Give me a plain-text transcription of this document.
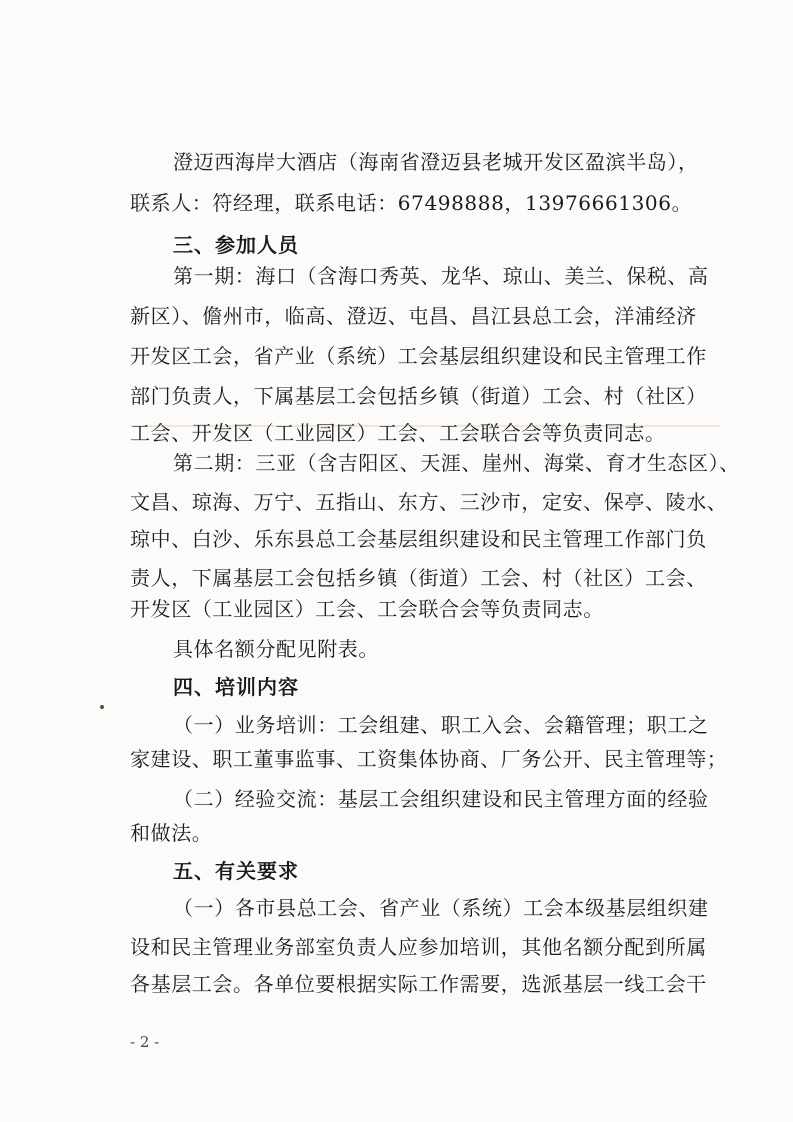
澄迈西海岸大酒店（海南省澄迈县老城开发区盈滨半岛），
联系人：符经理，联系电话：67498888，13976661306。
三、参加人员
第一期：海口（含海口秀英、龙华、琼山、美兰、保税、高
新区）、儋州市，临高、澄迈、屯昌、昌江县总工会，洋浦经济
开发区工会，省产业（系统）工会基层组织建设和民主管理工作
部门负责人，下属基层工会包括乡镇（街道）工会、村（社区）
工会、开发区（工业园区）工会、工会联合会等负责同志。
第二期：三亚（含吉阳区、天涯、崖州、海棠、育才生态区）、
文昌、琼海、万宁、五指山、东方、三沙市，定安、保亭、陵水、
琼中、白沙、乐东县总工会基层组织建设和民主管理工作部门负
责人，下属基层工会包括乡镇（街道）工会、村（社区）工会、
开发区（工业园区）工会、工会联合会等负责同志。
具体名额分配见附表。
四、培训内容
（一）业务培训：工会组建、职工入会、会籍管理；职工之
家建设、职工董事监事、工资集体协商、厂务公开、民主管理等；
（二）经验交流：基层工会组织建设和民主管理方面的经验
和做法。
五、有关要求
（一）各市县总工会、省产业（系统）工会本级基层组织建
设和民主管理业务部室负责人应参加培训，其他名额分配到所属
各基层工会。各单位要根据实际工作需要，选派基层一线工会干
- 2 -
